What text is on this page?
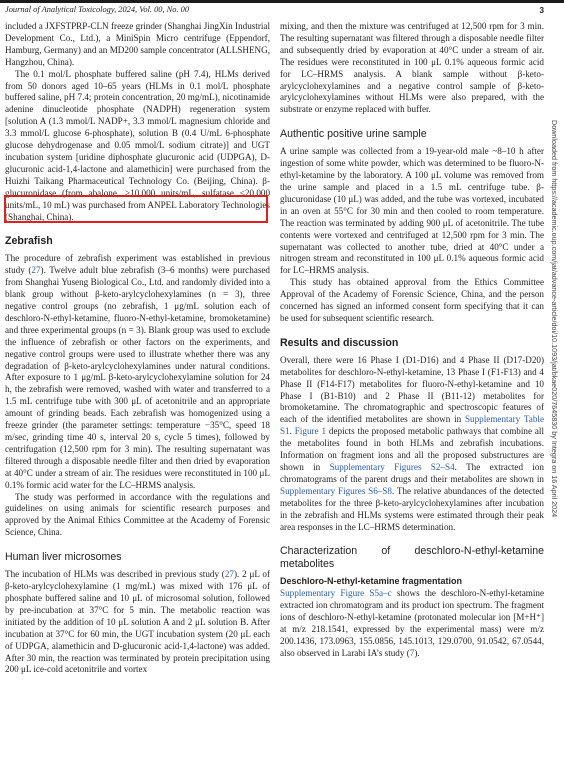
Journal of Analytical Toxicology, 2024, Vol. 00, No. 00	3

included a JXFSTPRP-CLN freeze grinder (Shanghai JingXin Industrial Development Co., Ltd.), a MiniSpin Micro centrifuge (Eppendorf, Hamburg, Germany) and an MD200 sample concentrator (ALLSHENG, Hangzhou, China).

The 0.1 mol/L phosphate buffered saline (pH 7.4), HLMs derived from 50 donors aged 10–65 years (HLMs in 0.1 mol/L phosphate buffered saline, pH 7.4; protein concentration, 20 mg/mL), nicotinamide adenine dinucleotide phosphate (NADPH) regeneration system [solution A (1.3 mmol/L NADP+, 3.3 mmol/L magnesium chloride and 3.3 mmol/L glucose 6-phosphate), solution B (0.4 U/mL 6-phosphate glucose dehydrogenase and 0.05 mmol/L sodium citrate)] and UGT incubation system [uridine diphosphate glucuronic acid (UDPGA), D-glucuronic acid-1,4-lactone and alamethicin] were purchased from the Huizhi Taikang Pharmaceutical Technology Co. (Beijing, China). β-glucuronidase (from abalone, >10,000 units/mL, sulfatase <20,000 units/mL, 10 mL) was purchased from ANPEL Laboratory Technologies (Shanghai, China).

Zebrafish

The procedure of zebrafish experiment was established in previous study (27). Twelve adult blue zebrafish (3–6 months) were purchased from Shanghai Yuseng Biological Co., Ltd. and randomly divided into a blank group without β-keto-arylcyclohexylamines (n = 3), three negative control groups (no zebrafish, 1 μg/mL solution each of deschloro-N-ethyl-ketamine, fluoro-N-ethyl-ketamine, bromoketamine) and three experimental groups (n = 3). Blank group was used to exclude the influence of zebrafish or other factors on the experiments, and negative control groups were used to illustrate whether there was any degradation of β-keto-arylcyclohexylamines under natural conditions. After exposure to 1 μg/mL β-keto-arylcyclohexylamine solution for 24 h, the zebrafish were removed, washed with water and transferred to a 1.5 mL centrifuge tube with 300 μL of acetonitrile and an appropriate amount of grinding beads. Each zebrafish was homogenized using a freeze grinder (the parameter settings: temperature −35°C, speed 18 m/sec, grinding time 40 s, interval 20 s, cycle 5 times), followed by centrifugation (12,500 rpm for 3 min). The resulting supernatant was filtered through a disposable needle filter and then dried by evaporation at 40°C under a stream of air. The residues were reconstituted in 100 μL 0.1% formic acid water for the LC–HRMS analysis.

The study was performed in accordance with the regulations and guidelines on using animals for scientific research purposes and approved by the Animal Ethics Committee at the Academy of Forensic Science, China.

Human liver microsomes

The incubation of HLMs was described in previous study (27). 2 μL of β-keto-arylcyclohexylamine (1 mg/mL) was mixed with 176 μL of phosphate buffered saline and 10 μL of microsomal solution, followed by pre-incubation at 37°C for 5 min. The metabolic reaction was initiated by the addition of 10 μL solution A and 2 μL solution B. After incubation at 37°C for 60 min, the UGT incubation system (20 μL each of UDPGA, alamethicin and D-glucuronic acid-1,4-lactone) was added. After 30 min, the reaction was terminated by protein precipitation using 200 μL ice-cold acetonitrile and vortex

mixing, and then the mixture was centrifuged at 12,500 rpm for 3 min. The resulting supernatant was filtered through a disposable needle filter and subsequently dried by evaporation at 40°C under a stream of air. The residues were reconstituted in 100 μL 0.1% aqueous formic acid for LC–HRMS analysis. A blank sample without β-keto-arylcyclohexylamines and a negative control sample of β-keto-arylcyclohexylamines without HLMs were also prepared, with the substrate or enzyme replaced with buffer.

Authentic positive urine sample

A urine sample was collected from a 19-year-old male ~8–10 h after ingestion of some white powder, which was determined to be fluoro-N-ethyl-ketamine by the laboratory. A 100 μL volume was removed from the urine sample and placed in a 1.5 mL centrifuge tube. β-glucuronidase (10 μL) was added, and the tube was vortexed, incubated in an oven at 55°C for 30 min and then cooled to room temperature. The reaction was terminated by adding 900 μL of acetonitrile. The tube contents were vortexed and centrifuged at 12,500 rpm for 3 min. The supernatant was collected to another tube, dried at 40°C under a nitrogen stream and reconstituted in 100 μL 0.1% aqueous formic acid for LC–HRMS analysis.

This study has obtained approval from the Ethics Committee Approval of the Academy of Forensic Science, China, and the person concerned has signed an informed consent form specifying that it can be used for subsequent scientific research.

Results and discussion

Overall, there were 16 Phase I (D1-D16) and 4 Phase II (D17-D20) metabolites for deschloro-N-ethyl-ketamine, 13 Phase I (F1-F13) and 4 Phase II (F14-F17) metabolites for fluoro-N-ethyl-ketamine and 10 Phase I (B1-B10) and 2 Phase II (B11-12) metabolites for bromoketamine. The chromatographic and spectroscopic features of each of the identified metabolites are shown in Supplementary Table S1. Figure 1 depicts the proposed metabolic pathways that combine all the metabolites found in both HLMs and zebrafish incubations. Information on fragment ions and all the proposed substructures are shown in Supplementary Figures S2–S4. The extracted ion chromatograms of the parent drugs and their metabolites are shown in Supplementary Figures S6–S8. The relative abundances of the detected metabolites for the three β-keto-arylcyclohexylamines after incubation in the zebrafish and HLMs systems were estimated through their peak area responses in the LC–HRMS determination.

Characterization of deschloro-N-ethyl-ketamine metabolites
Deschloro-N-ethyl-ketamine fragmentation

Supplementary Figure S5a–c shows the deschloro-N-ethyl-ketamine extracted ion chromatogram and its product ion spectrum. The fragment ions of deschloro-N-ethyl-ketamine (protonated molecular ion [M+H⁺] at m/z 218.1541, expressed by the experimental mass) were m/z 200.1436, 173.0963, 155.0856, 145.1013, 129.0700, 91.0542, 67.0544, also observed in Larabi IA’s study (7).

Downloaded from https://academic.oup.com/jat/advance-article/doi/10.1093/jat/bkae020/7645830 by Integra on 16 April 2024
